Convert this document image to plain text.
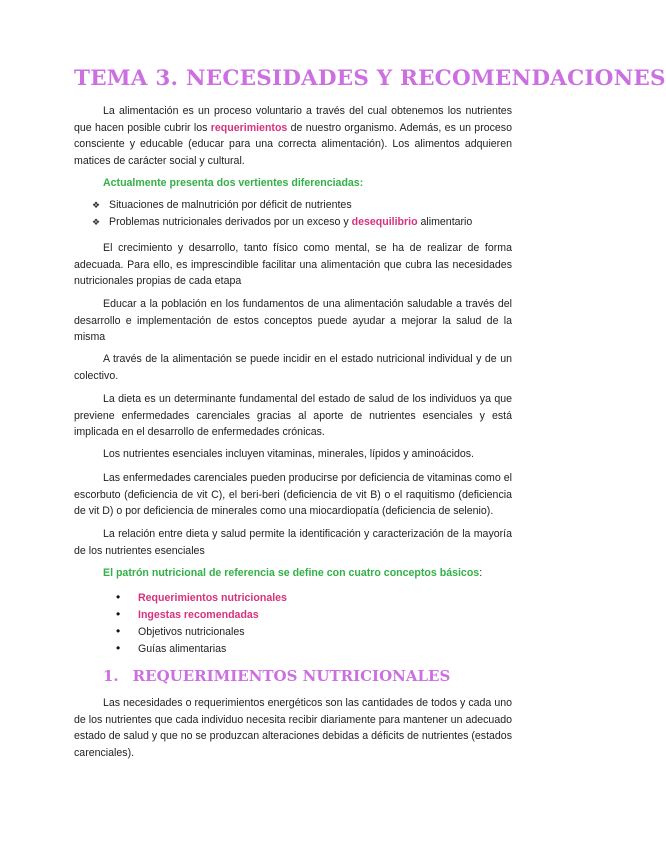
TEMA 3. NECESIDADES Y RECOMENDACIONES

La alimentación es un proceso voluntario a través del cual obtenemos los nutrientes que hacen posible cubrir los requerimientos de nuestro organismo. Además, es un proceso consciente y educable (educar para una correcta alimentación). Los alimentos adquieren matices de carácter social y cultural.

Actualmente presenta dos vertientes diferenciadas:
❖ Situaciones de malnutrición por déficit de nutrientes
❖ Problemas nutricionales derivados por un exceso y desequilibrio alimentario

El crecimiento y desarrollo, tanto físico como mental, se ha de realizar de forma adecuada. Para ello, es imprescindible facilitar una alimentación que cubra las necesidades nutricionales propias de cada etapa

Educar a la población en los fundamentos de una alimentación saludable a través del desarrollo e implementación de estos conceptos puede ayudar a mejorar la salud de la misma

A través de la alimentación se puede incidir en el estado nutricional individual y de un colectivo.

La dieta es un determinante fundamental del estado de salud de los individuos ya que previene enfermedades carenciales gracias al aporte de nutrientes esenciales y está implicada en el desarrollo de enfermedades crónicas.

Los nutrientes esenciales incluyen vitaminas, minerales, lípidos y aminoácidos.

Las enfermedades carenciales pueden producirse por deficiencia de vitaminas como el escorbuto (deficiencia de vit C), el beri-beri (deficiencia de vit B) o el raquitismo (deficiencia de vit D) o por deficiencia de minerales como una miocardiopatía (deficiencia de selenio).

La relación entre dieta y salud permite la identificación y caracterización de la mayoría de los nutrientes esenciales

El patrón nutricional de referencia se define con cuatro conceptos básicos:
• Requerimientos nutricionales
• Ingestas recomendadas
• Objetivos nutricionales
• Guías alimentarias
1. REQUERIMIENTOS NUTRICIONALES

Las necesidades o requerimientos energéticos son las cantidades de todos y cada uno de los nutrientes que cada individuo necesita recibir diariamente para mantener un adecuado estado de salud y que no se produzcan alteraciones debidas a déficits de nutrientes (estados carenciales).
